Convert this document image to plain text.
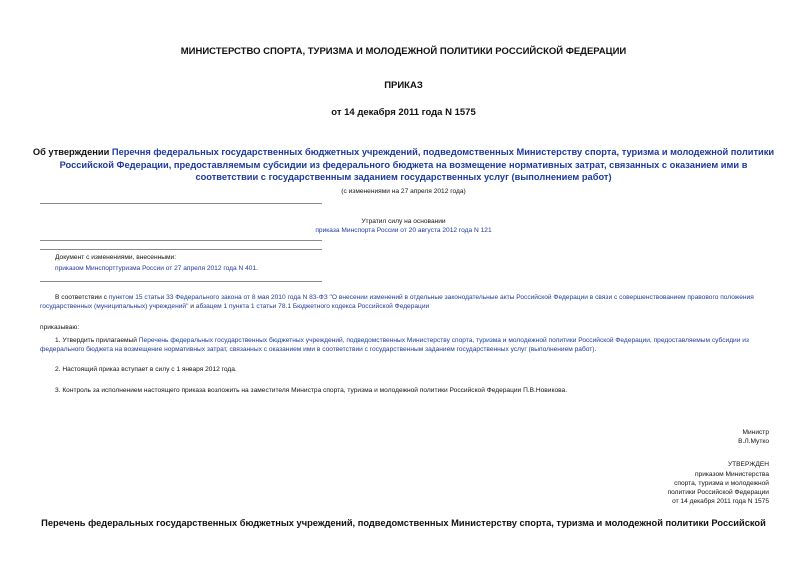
МИНИСТЕРСТВО СПОРТА, ТУРИЗМА И МОЛОДЕЖНОЙ ПОЛИТИКИ РОССИЙСКОЙ ФЕДЕРАЦИИ
ПРИКАЗ
от 14 декабря 2011 года N 1575
Об утверждении Перечня федеральных государственных бюджетных учреждений, подведомственных Министерству спорта, туризма и молодежной политики Российской Федерации, предоставляемым субсидии из федерального бюджета на возмещение нормативных затрат, связанных с оказанием ими в соответствии с государственным заданием государственных услуг (выполнением работ)
(с изменениями на 27 апреля 2012 года)
Утратил силу на основании
приказа Минспорта России от 20 августа 2012 года N 121
Документ с изменениями, внесенными:
приказом Минспорттуризма России от 27 апреля 2012 года N 401.
В соответствии с пунктом 15 статьи 33 Федерального закона от 8 мая 2010 года N 83-ФЗ "О внесении изменений в отдельные законодательные акты Российской Федерации в связи с совершенствованием правового положения государственных (муниципальных) учреждений" и абзацем 1 пункта 1 статьи 78.1 Бюджетного кодекса Российской Федерации
приказываю:
1. Утвердить прилагаемый Перечень федеральных государственных бюджетных учреждений, подведомственных Министерству спорта, туризма и молодежной политики Российской Федерации, предоставляемым субсидии из федерального бюджета на возмещение нормативных затрат, связанных с оказанием ими в соответствии с государственным заданием государственных услуг (выполнением работ).
2. Настоящий приказ вступает в силу с 1 января 2012 года.
3. Контроль за исполнением настоящего приказа возложить на заместителя Министра спорта, туризма и молодежной политики Российской Федерации П.В.Новикова.
Министр
В.Л.Мутко
УТВЕРЖДЕН
приказом Министерства
спорта, туризма и молодежной
политики Российской Федерации
от 14 декабря 2011 года N 1575
Перечень федеральных государственных бюджетных учреждений, подведомственных Министерству спорта, туризма и молодежной политики Российской
